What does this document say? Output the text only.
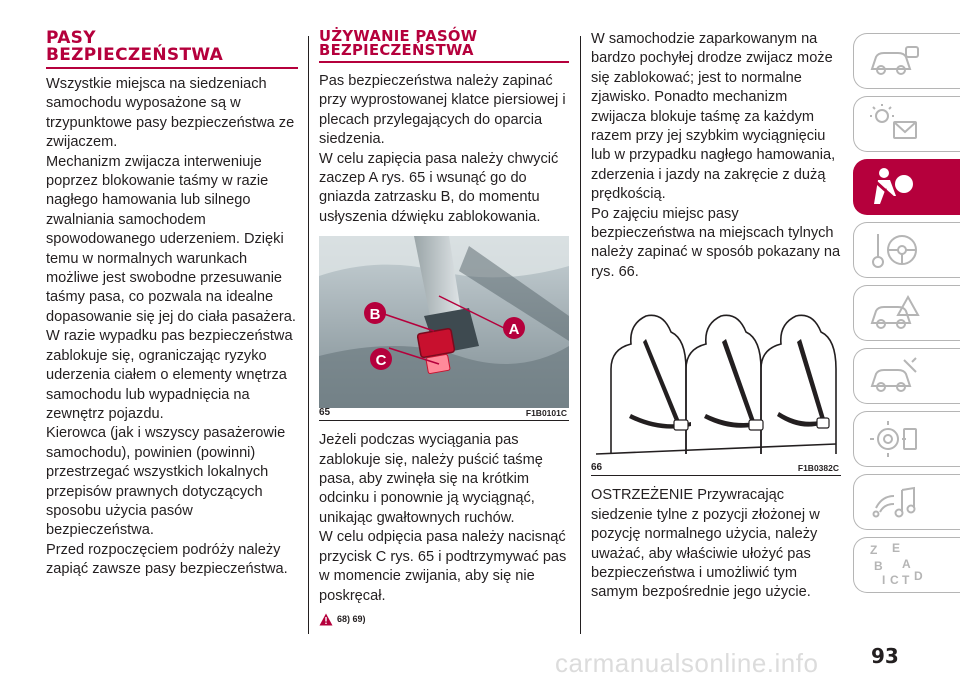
PASY
BEZPIECZEŃSTWA

Wszystkie miejsca na siedzeniach samochodu wyposażone są w trzypunktowe pasy bezpieczeństwa ze zwijaczem.

Mechanizm zwijacza interweniuje poprzez blokowanie taśmy w razie nagłego hamowania lub silnego zwalniania samochodem spowodowanego uderzeniem. Dzięki temu w normalnych warunkach możliwe jest swobodne przesuwanie taśmy pasa, co pozwala na idealne dopasowanie się jej do ciała pasażera.

W razie wypadku pas bezpieczeństwa zablokuje się, ograniczając ryzyko uderzenia ciałem o elementy wnętrza samochodu lub wypadnięcia na zewnętrz pojazdu.

Kierowca (jak i wszyscy pasażerowie samochodu), powinien (powinni) przestrzegać wszystkich lokalnych przepisów prawnych dotyczących sposobu użycia pasów bezpieczeństwa.

Przed rozpoczęciem podróży należy zapiąć zawsze pasy bezpieczeństwa.

UŻYWANIE PASÓW
BEZPIECZEŃSTWA

Pas bezpieczeństwa należy zapinać przy wyprostowanej klatce piersiowej i plecach przylegających do oparcia siedzenia.

W celu zapięcia pasa należy chwycić zaczep A rys. 65 i wsunąć go do gniazda zatrzasku B, do momentu usłyszenia dźwięku zablokowania.

B
A
C
65	F1B0101C

Jeżeli podczas wyciągania pas zablokuje się, należy puścić taśmę pasa, aby zwinęła się na krótkim odcinku i ponownie ją wyciągnąć, unikając gwałtownych ruchów.

W celu odpięcia pasa należy nacisnąć przycisk C rys. 65 i podtrzymywać pas w momencie zwijania, aby się nie poskręcał.

68) 69)

W samochodzie zaparkowanym na bardzo pochyłej drodze zwijacz może się zablokować; jest to normalne zjawisko. Ponadto mechanizm zwijacza blokuje taśmę za każdym razem przy jej szybkim wyciągnięciu lub w przypadku nagłego hamowania, zderzenia i jazdy na zakręcie z dużą prędkością.

Po zajęciu miejsc pasy bezpieczeństwa na miejscach tylnych należy zapinać w sposób pokazany na rys. 66.

66	F1B0382C

OSTRZEŻENIE Przywracając siedzenie tylne z pozycji złożonej w pozycję normalnego użycia, należy uważać, aby właściwie ułożyć pas bezpieczeństwa i umożliwić tym samym bezpośrednie jego użycie.

Z E
B A
I C T D
93
carmanualsonline.info
